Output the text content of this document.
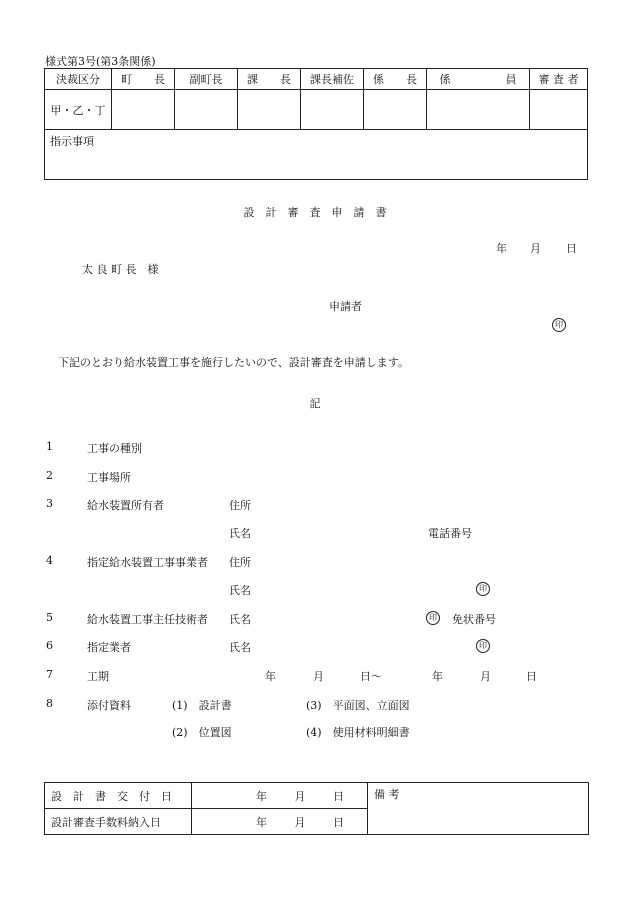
様式第3号(第3条関係)
決裁区分	町　　長	副町長	課　　長	課長補佐	係　　長	係　　　　　員	審 査 者
甲・乙・丁							
指示事項							
設　計　審　査　申　請　書
年 月 日
太 良 町 長　様
申請者
印
下記のとおり給水装置工事を施行したいので、設計審査を申請します。
記
1	工事の種別
2	工事場所
3	給水装置所有者	住所
氏名	電話番号
4	指定給水装置工事事業者 住所
氏名	印
5	給水装置工事主任技術者 氏名	印 免状番号
6	指定業者	氏名	印
7	工期	年	月	日〜	年	月	日
8	添付資料	(1)　設計書	(3)　平面図、立面図
(2)　位置図	(4)　使用材料明細書
設　計　書　交　付　日	年 月 日	備 考
設計審査手数料納入日	年 月 日	
